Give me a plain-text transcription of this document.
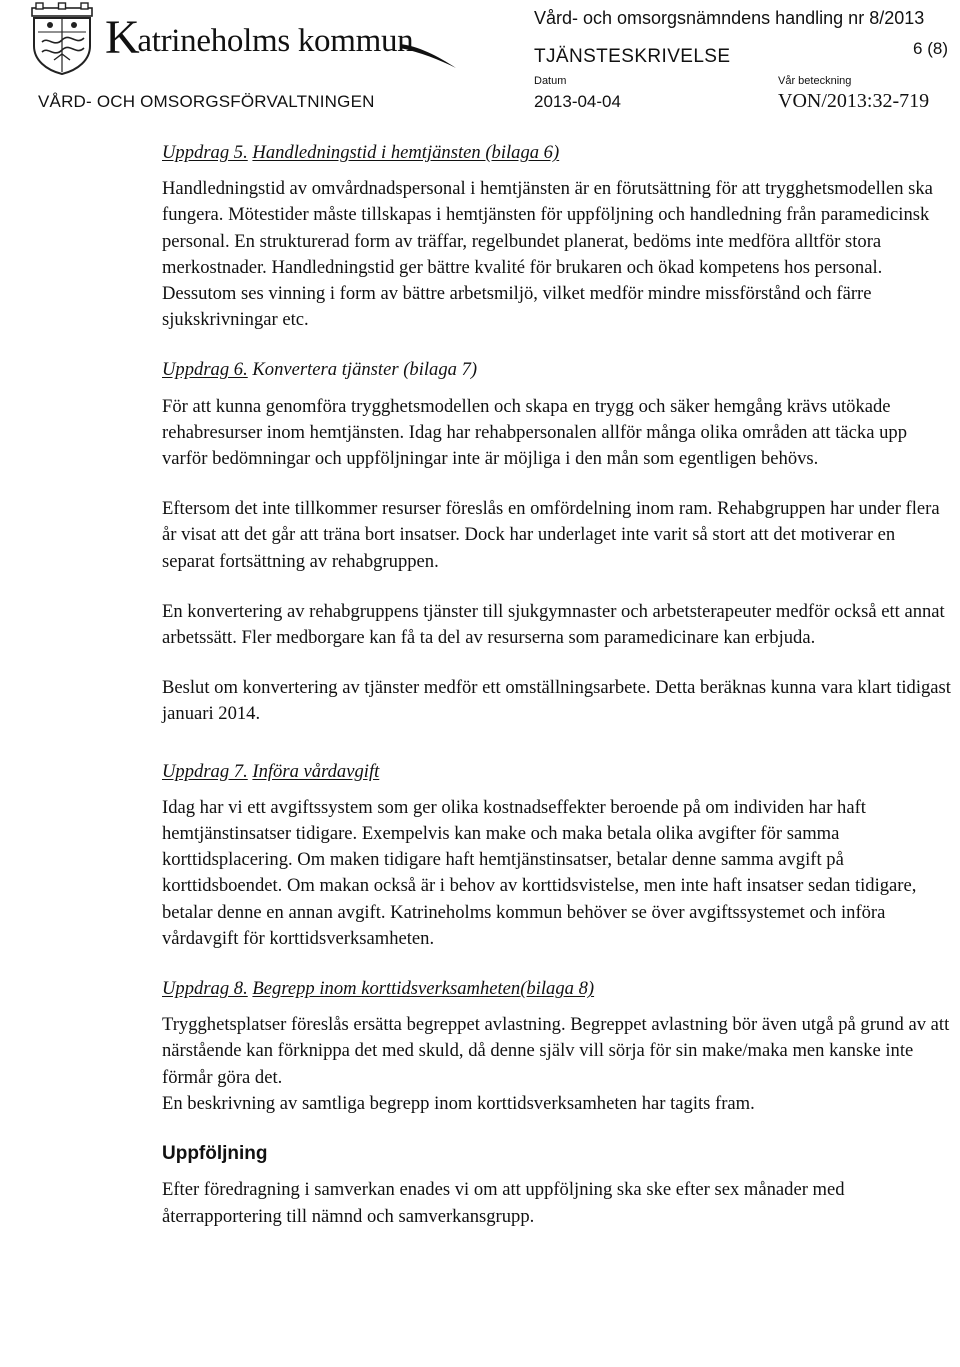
Katrineholms kommun
Vård- och omsorgsnämndens handling nr 8/2013
TJÄNSTESKRIVELSE	6 (8)
VÅRD- OCH OMSORGSFÖRVALTNINGEN
Datum	Vår beteckning
2013-04-04	VON/2013:32-719
Uppdrag 5. Handledningstid i hemtjänsten (bilaga 6)

Handledningstid av omvårdnadspersonal i hemtjänsten är en förutsättning för att trygghetsmodellen ska fungera. Mötestider måste tillskapas i hemtjänsten för uppföljning och handledning från paramedicinsk personal. En strukturerad form av träffar, regelbundet planerat, bedöms inte medföra alltför stora merkostnader. Handledningstid ger bättre kvalité för brukaren och ökad kompetens hos personal. Dessutom ses vinning i form av bättre arbetsmiljö, vilket medför mindre missförstånd och färre sjukskrivningar etc.

Uppdrag 6. Konvertera tjänster (bilaga 7)

För att kunna genomföra trygghetsmodellen och skapa en trygg och säker hemgång krävs utökade rehabresurser inom hemtjänsten. Idag har rehabpersonalen allför många olika områden att täcka upp varför bedömningar och uppföljningar inte är möjliga i den mån som egentligen behövs.

Eftersom det inte tillkommer resurser föreslås en omfördelning inom ram. Rehabgruppen har under flera år visat att det går att träna bort insatser. Dock har underlaget inte varit så stort att det motiverar en separat fortsättning av rehabgruppen.

En konvertering av rehabgruppens tjänster till sjukgymnaster och arbetsterapeuter medför också ett annat arbetssätt. Fler medborgare kan få ta del av resurserna som paramedicinare kan erbjuda.

Beslut om konvertering av tjänster medför ett omställningsarbete. Detta beräknas kunna vara klart tidigast januari 2014.

Uppdrag 7. Införa vårdavgift

Idag har vi ett avgiftssystem som ger olika kostnadseffekter beroende på om individen har haft hemtjänstinsatser tidigare. Exempelvis kan make och maka betala olika avgifter för samma korttidsplacering. Om maken tidigare haft hemtjänstinsatser, betalar denne samma avgift på korttidsboendet. Om makan också är i behov av korttidsvistelse, men inte haft insatser sedan tidigare, betalar denne en annan avgift. Katrineholms kommun behöver se över avgiftssystemet och införa vårdavgift för korttidsverksamheten.

Uppdrag 8. Begrepp inom korttidsverksamheten(bilaga 8)

Trygghetsplatser föreslås ersätta begreppet avlastning. Begreppet avlastning bör även utgå på grund av att närstående kan förknippa det med skuld, då denne själv vill sörja för sin make/maka men kanske inte förmår göra det.

En beskrivning av samtliga begrepp inom korttidsverksamheten har tagits fram.

Uppföljning

Efter föredragning i samverkan enades vi om att uppföljning ska ske efter sex månader med återrapportering till nämnd och samverkansgrupp.
